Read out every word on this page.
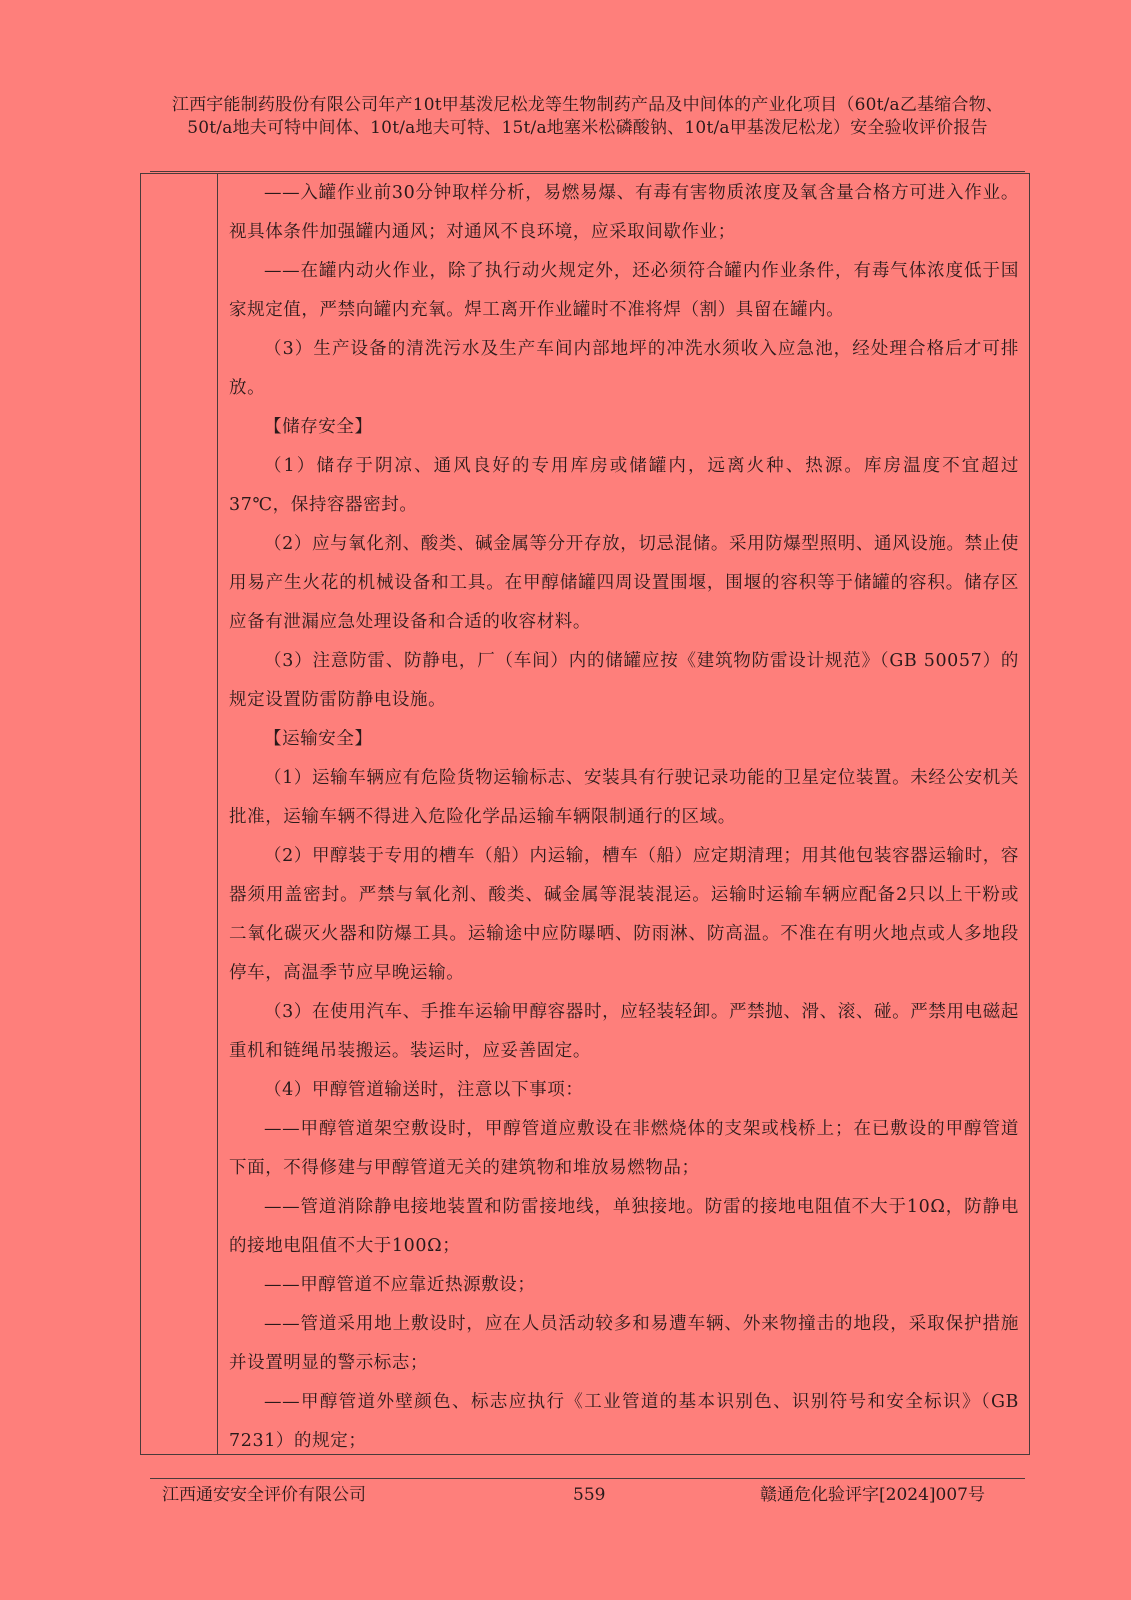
江西宇能制药股份有限公司年产10t甲基泼尼松龙等生物制药产品及中间体的产业化项目（60t/a乙基缩合物、50t/a地夫可特中间体、10t/a地夫可特、15t/a地塞米松磷酸钠、10t/a甲基泼尼松龙）安全验收评价报告

——入罐作业前30分钟取样分析，易燃易爆、有毒有害物质浓度及氧含量合格方可进入作业。视具体条件加强罐内通风；对通风不良环境，应采取间歇作业；

——在罐内动火作业，除了执行动火规定外，还必须符合罐内作业条件，有毒气体浓度低于国家规定值，严禁向罐内充氧。焊工离开作业罐时不准将焊（割）具留在罐内。

（3）生产设备的清洗污水及生产车间内部地坪的冲洗水须收入应急池，经处理合格后才可排放。

【储存安全】

（1）储存于阴凉、通风良好的专用库房或储罐内，远离火种、热源。库房温度不宜超过37℃，保持容器密封。

（2）应与氧化剂、酸类、碱金属等分开存放，切忌混储。采用防爆型照明、通风设施。禁止使用易产生火花的机械设备和工具。在甲醇储罐四周设置围堰，围堰的容积等于储罐的容积。储存区应备有泄漏应急处理设备和合适的收容材料。

（3）注意防雷、防静电，厂（车间）内的储罐应按《建筑物防雷设计规范》（GB 50057）的规定设置防雷防静电设施。

【运输安全】

（1）运输车辆应有危险货物运输标志、安装具有行驶记录功能的卫星定位装置。未经公安机关批准，运输车辆不得进入危险化学品运输车辆限制通行的区域。

（2）甲醇装于专用的槽车（船）内运输，槽车（船）应定期清理；用其他包装容器运输时，容器须用盖密封。严禁与氧化剂、酸类、碱金属等混装混运。运输时运输车辆应配备2只以上干粉或二氧化碳灭火器和防爆工具。运输途中应防曝晒、防雨淋、防高温。不准在有明火地点或人多地段停车，高温季节应早晚运输。

（3）在使用汽车、手推车运输甲醇容器时，应轻装轻卸。严禁抛、滑、滚、碰。严禁用电磁起重机和链绳吊装搬运。装运时，应妥善固定。

（4）甲醇管道输送时，注意以下事项：

——甲醇管道架空敷设时，甲醇管道应敷设在非燃烧体的支架或栈桥上；在已敷设的甲醇管道下面，不得修建与甲醇管道无关的建筑物和堆放易燃物品；

——管道消除静电接地装置和防雷接地线，单独接地。防雷的接地电阻值不大于10Ω，防静电的接地电阻值不大于100Ω；

——甲醇管道不应靠近热源敷设；

——管道采用地上敷设时，应在人员活动较多和易遭车辆、外来物撞击的地段，采取保护措施并设置明显的警示标志；

——甲醇管道外壁颜色、标志应执行《工业管道的基本识别色、识别符号和安全标识》（GB 7231）的规定；

江西通安安全评价有限公司	559	赣通危化验评字[2024]007号
